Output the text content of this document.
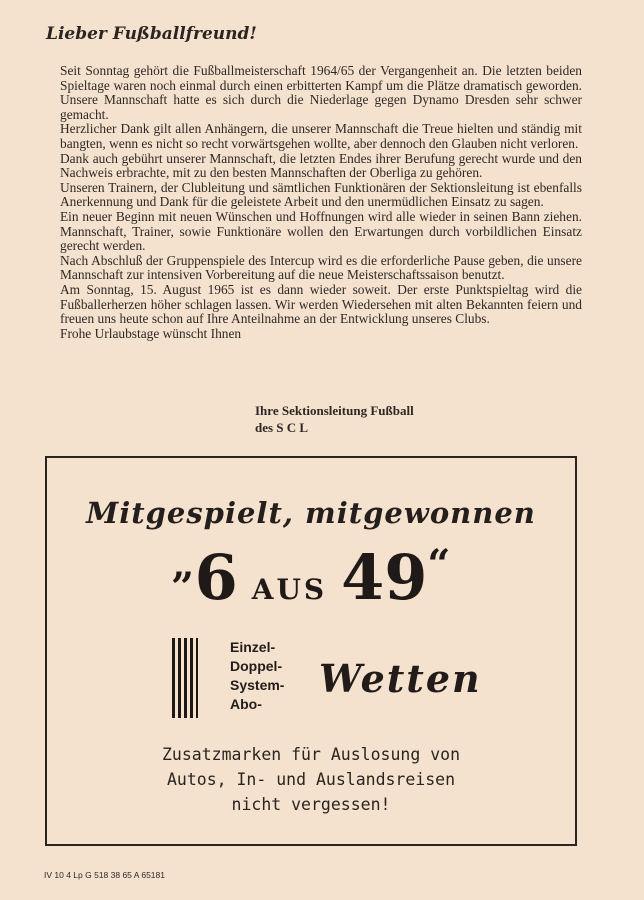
Lieber Fußballfreund!

Seit Sonntag gehört die Fußballmeisterschaft 1964/65 der Vergangenheit an. Die letzten beiden Spieltage waren noch einmal durch einen erbitterten Kampf um die Plätze dramatisch geworden. Unsere Mannschaft hatte es sich durch die Niederlage gegen Dynamo Dresden sehr schwer gemacht.

Herzlicher Dank gilt allen Anhängern, die unserer Mannschaft die Treue hielten und ständig mit bangten, wenn es nicht so recht vorwärtsgehen wollte, aber dennoch den Glauben nicht verloren.

Dank auch gebührt unserer Mannschaft, die letzten Endes ihrer Berufung gerecht wurde und den Nachweis erbrachte, mit zu den besten Mannschaften der Oberliga zu gehören.

Unseren Trainern, der Clubleitung und sämtlichen Funktionären der Sektionsleitung ist ebenfalls Anerkennung und Dank für die geleistete Arbeit und den unermüdlichen Einsatz zu sagen.

Ein neuer Beginn mit neuen Wünschen und Hoffnungen wird alle wieder in seinen Bann ziehen. Mannschaft, Trainer, sowie Funktionäre wollen den Erwartungen durch vorbildlichen Einsatz gerecht werden.

Nach Abschluß der Gruppenspiele des Intercup wird es die erforderliche Pause geben, die unsere Mannschaft zur intensiven Vorbereitung auf die neue Meisterschaftssaison benutzt.

Am Sonntag, 15. August 1965 ist es dann wieder soweit. Der erste Punktspieltag wird die Fußballerherzen höher schlagen lassen. Wir werden Wiedersehen mit alten Bekannten feiern und freuen uns heute schon auf Ihre Anteilnahme an der Entwicklung unseres Clubs.

Frohe Urlaubstage wünscht Ihnen

Ihre Sektionsleitung Fußball
des S C L
Mitgespielt, mitgewonnen
„6 AUS 49“
Einzel-
Doppel-
System-
Abo-
Wetten
Zusatzmarken für Auslosung von
Autos, In- und Auslandsreisen
nicht vergessen!
IV 10 4 Lp G 518 38 65 A 65181
